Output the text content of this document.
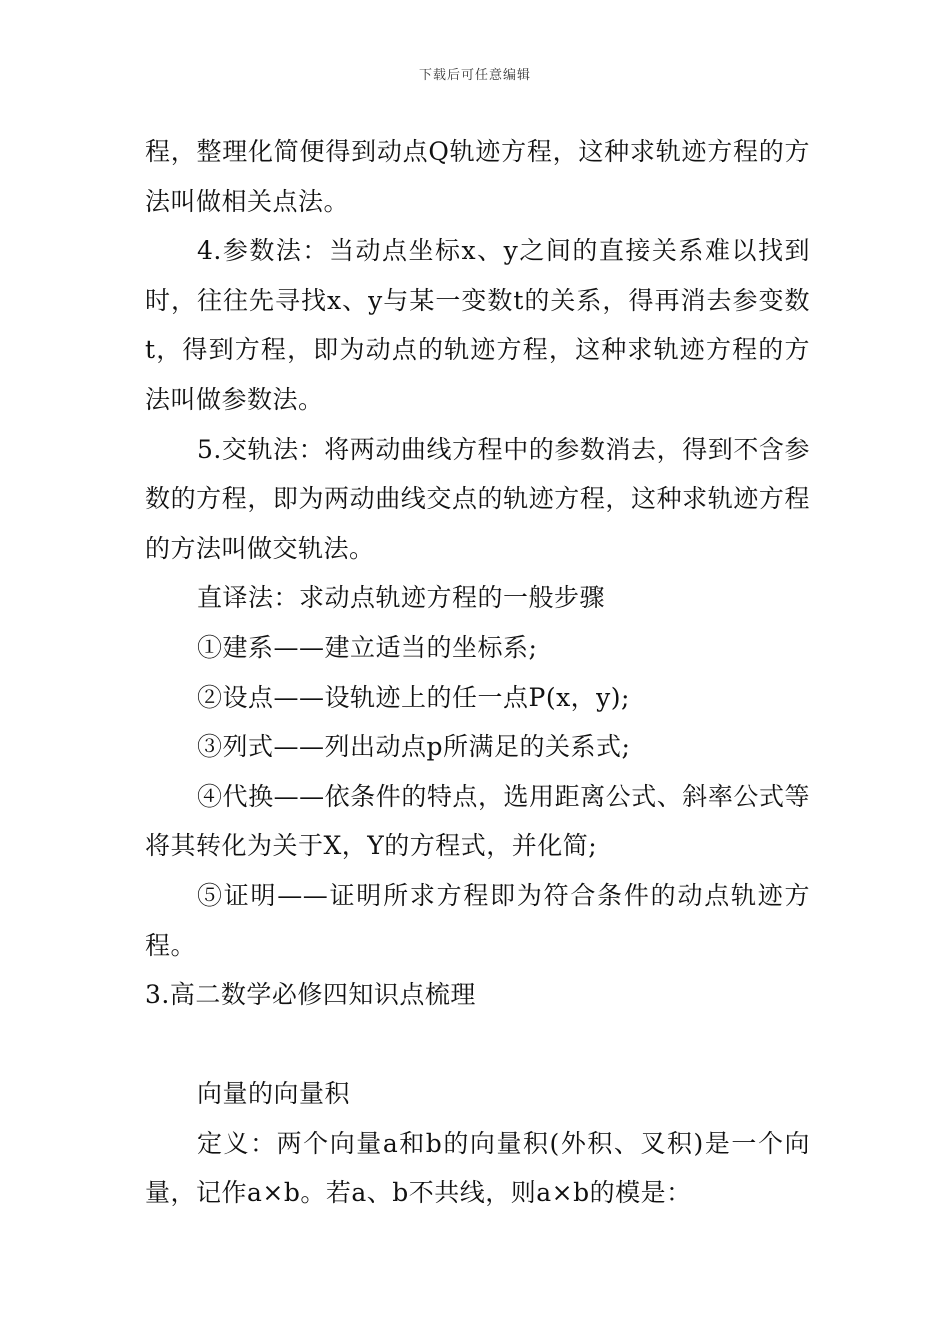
下载后可任意编辑

程，整理化简便得到动点Q轨迹方程，这种求轨迹方程的方法叫做相关点法。

4.参数法：当动点坐标x、y之间的直接关系难以找到时，往往先寻找x、y与某一变数t的关系，得再消去参变数t，得到方程，即为动点的轨迹方程，这种求轨迹方程的方法叫做参数法。

5.交轨法：将两动曲线方程中的参数消去，得到不含参数的方程，即为两动曲线交点的轨迹方程，这种求轨迹方程的方法叫做交轨法。

直译法：求动点轨迹方程的一般步骤

①建系——建立适当的坐标系;

②设点——设轨迹上的任一点P(x，y);

③列式——列出动点p所满足的关系式;

④代换——依条件的特点，选用距离公式、斜率公式等将其转化为关于X，Y的方程式，并化简;

⑤证明——证明所求方程即为符合条件的动点轨迹方程。

3.高二数学必修四知识点梳理

向量的向量积

定义：两个向量a和b的向量积(外积、叉积)是一个向量，记作a×b。若a、b不共线，则a×b的模是：
